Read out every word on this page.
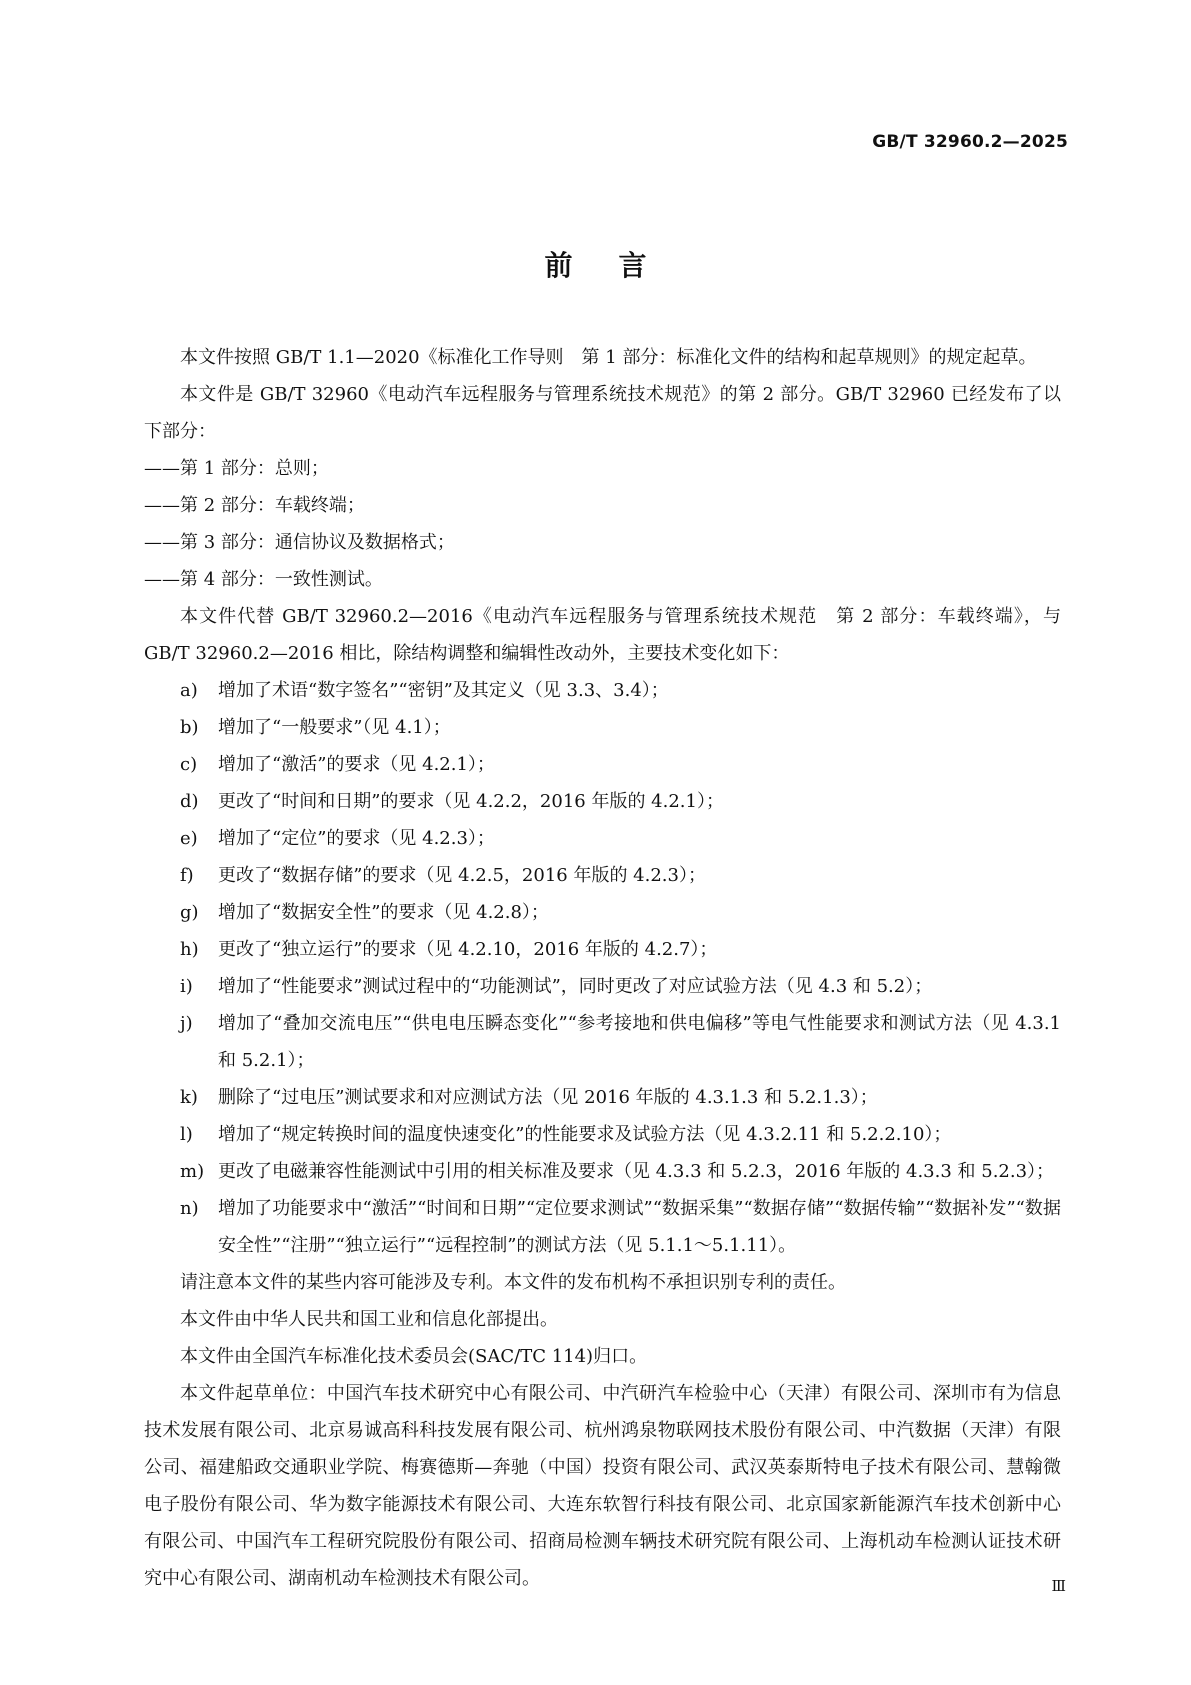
GB/T 32960.2—2025
前言

本文件按照 GB/T 1.1—2020《标准化工作导则　第 1 部分：标准化文件的结构和起草规则》的规定起草。

本文件是 GB/T 32960《电动汽车远程服务与管理系统技术规范》的第 2 部分。GB/T 32960 已经发布了以下部分：

——第 1 部分：总则；

——第 2 部分：车载终端；

——第 3 部分：通信协议及数据格式；

——第 4 部分：一致性测试。

本文件代替 GB/T 32960.2—2016《电动汽车远程服务与管理系统技术规范　第 2 部分：车载终端》，与 GB/T 32960.2—2016 相比，除结构调整和编辑性改动外，主要技术变化如下：

a)	增加了术语“数字签名”“密钥”及其定义（见 3.3、3.4）；
b)	增加了“一般要求”（见 4.1）；
c)	增加了“激活”的要求（见 4.2.1）；
d)	更改了“时间和日期”的要求（见 4.2.2，2016 年版的 4.2.1）；
e)	增加了“定位”的要求（见 4.2.3）；
f)	更改了“数据存储”的要求（见 4.2.5，2016 年版的 4.2.3）；
g)	增加了“数据安全性”的要求（见 4.2.8）；
h)	更改了“独立运行”的要求（见 4.2.10，2016 年版的 4.2.7）；
i)	增加了“性能要求”测试过程中的“功能测试”，同时更改了对应试验方法（见 4.3 和 5.2）；
j)	增加了“叠加交流电压”“供电电压瞬态变化”“参考接地和供电偏移”等电气性能要求和测试方法（见 4.3.1 和 5.2.1）；
k)	删除了“过电压”测试要求和对应测试方法（见 2016 年版的 4.3.1.3 和 5.2.1.3）；
l)	增加了“规定转换时间的温度快速变化”的性能要求及试验方法（见 4.3.2.11 和 5.2.2.10）；
m) 更改了电磁兼容性能测试中引用的相关标准及要求（见 4.3.3 和 5.2.3，2016 年版的 4.3.3 和 5.2.3）；
n)	增加了功能要求中“激活”“时间和日期”“定位要求测试”“数据采集”“数据存储”“数据传输”“数据补发”“数据安全性”“注册”“独立运行”“远程控制”的测试方法（见 5.1.1～5.1.11）。

请注意本文件的某些内容可能涉及专利。本文件的发布机构不承担识别专利的责任。

本文件由中华人民共和国工业和信息化部提出。

本文件由全国汽车标准化技术委员会(SAC/TC 114)归口。

本文件起草单位：中国汽车技术研究中心有限公司、中汽研汽车检验中心（天津）有限公司、深圳市有为信息技术发展有限公司、北京易诚高科科技发展有限公司、杭州鸿泉物联网技术股份有限公司、中汽数据（天津）有限公司、福建船政交通职业学院、梅赛德斯—奔驰（中国）投资有限公司、武汉英泰斯特电子技术有限公司、慧翰微电子股份有限公司、华为数字能源技术有限公司、大连东软智行科技有限公司、北京国家新能源汽车技术创新中心有限公司、中国汽车工程研究院股份有限公司、招商局检测车辆技术研究院有限公司、上海机动车检测认证技术研究中心有限公司、湖南机动车检测技术有限公司。	Ⅲ
